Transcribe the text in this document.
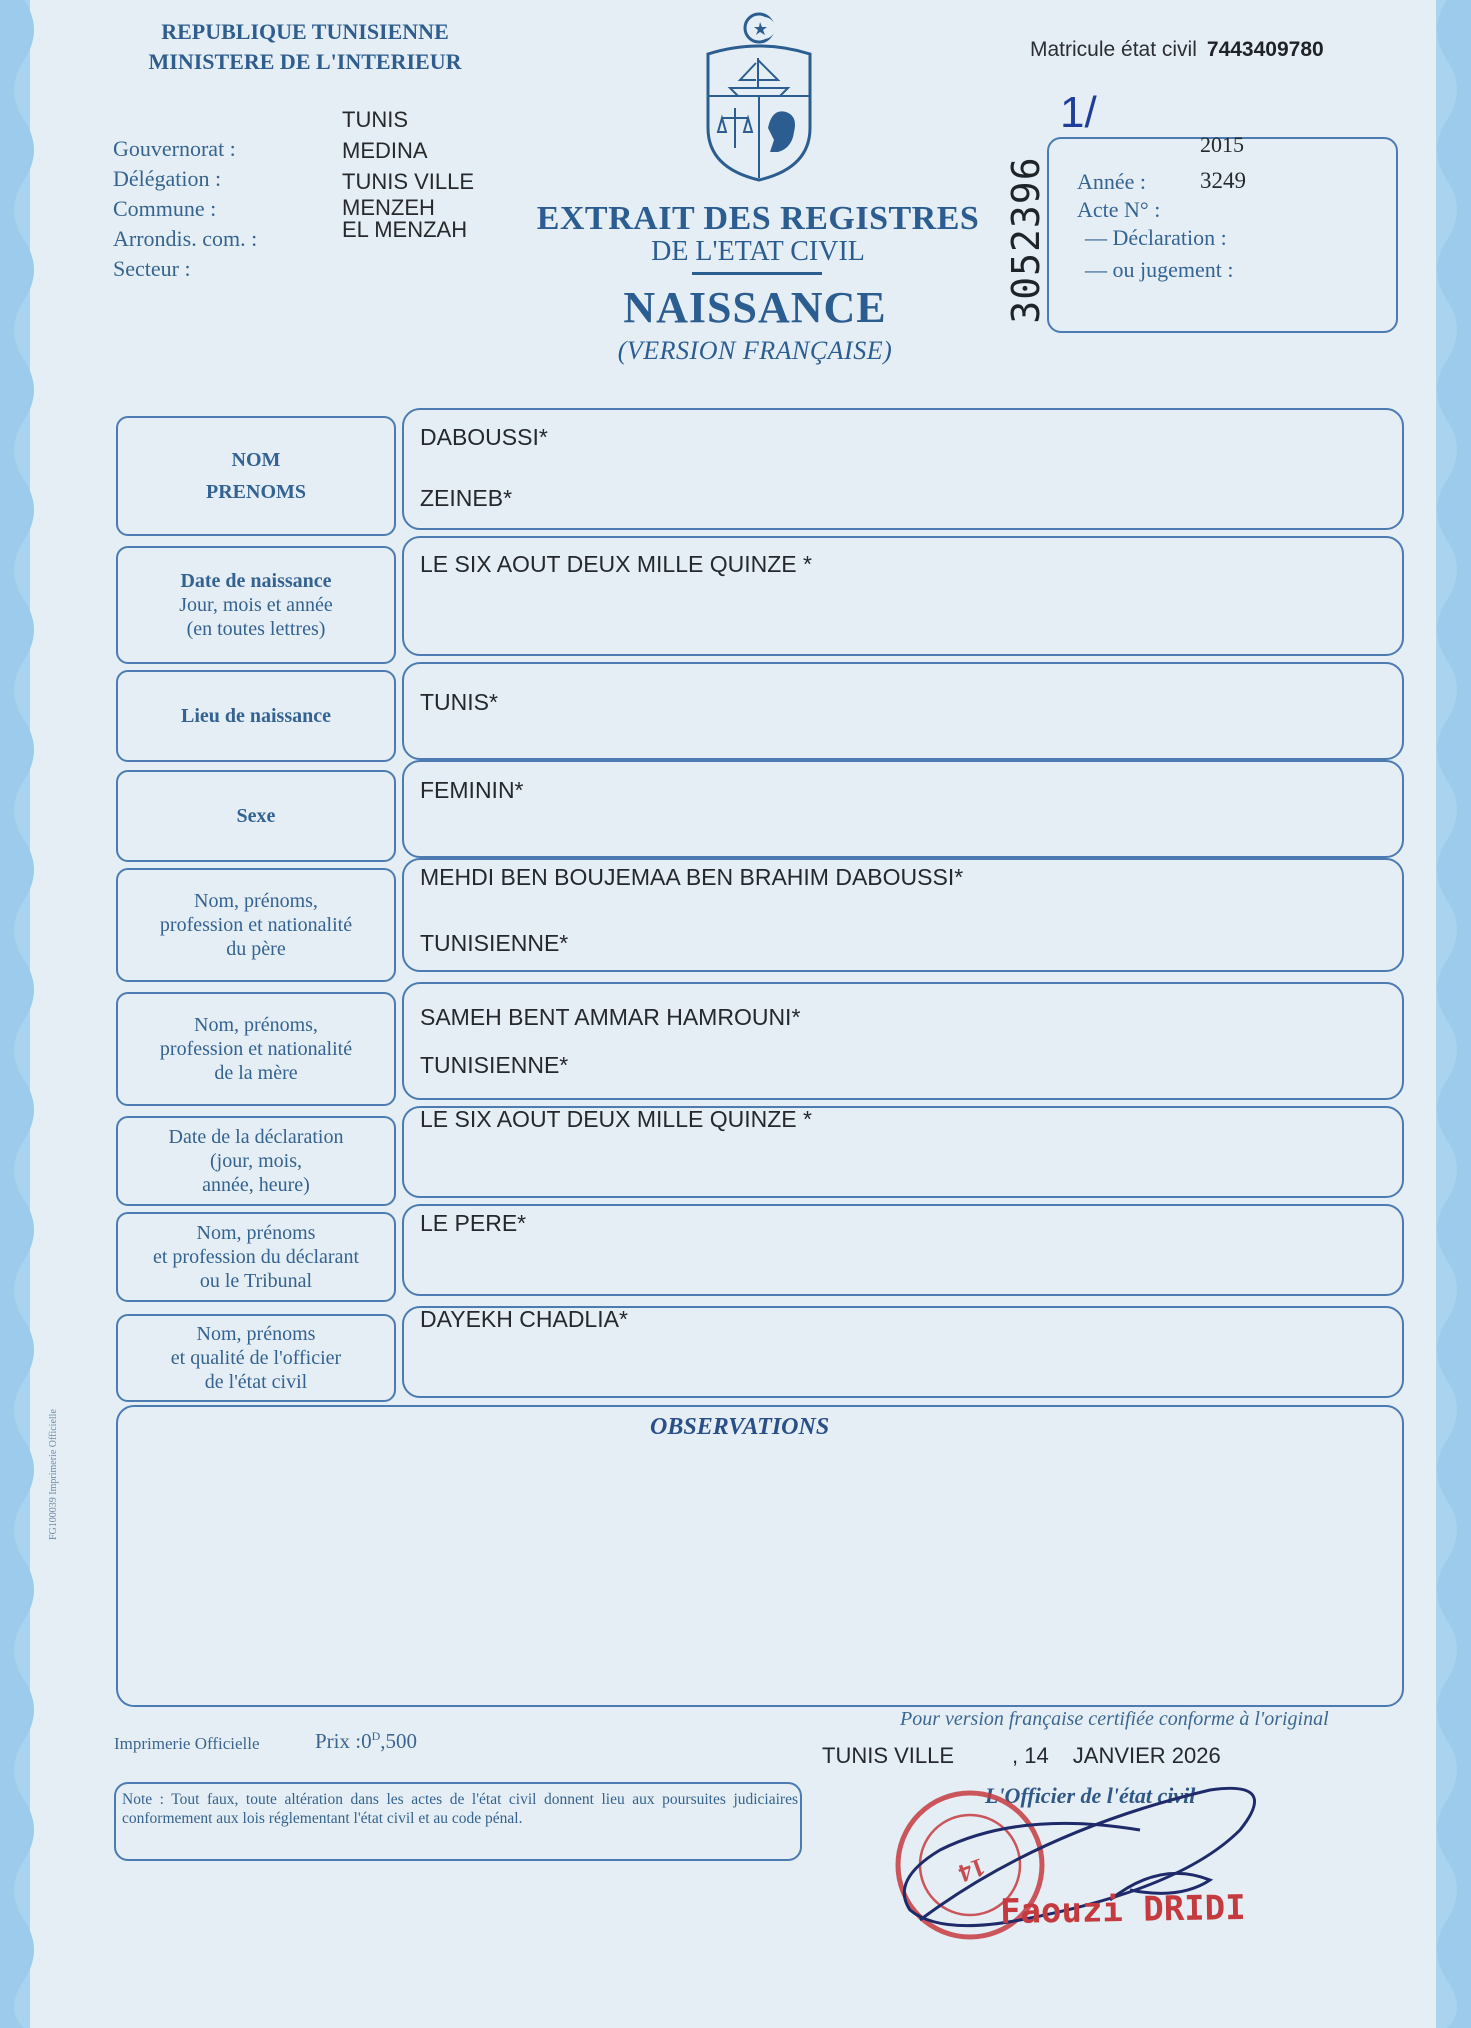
REPUBLIQUE TUNISIENNE
MINISTERE DE L'INTERIEUR
Gouvernorat :
Délégation :
Commune :
Arrondis. com. :
Secteur :
TUNIS
MEDINA
TUNIS VILLE
MENZEH
EL MENZAH
Matricule état civil 7443409780
EXTRAIT DES REGISTRES
DE L'ETAT CIVIL
NAISSANCE
(VERSION FRANÇAISE)
3052396
1/
Année :
Acte N° :
— Déclaration :
— ou jugement :
2015
3249
NOM
PRENOMS
DABOUSSI*
ZEINEB*
Date de naissance
Jour, mois et année
(en toutes lettres)
LE SIX AOUT DEUX MILLE QUINZE *
Lieu de naissance
TUNIS*
Sexe
FEMININ*
Nom, prénoms,
profession et nationalité
du père
MEHDI BEN BOUJEMAA BEN BRAHIM DABOUSSI*
TUNISIENNE*
Nom, prénoms,
profession et nationalité
de la mère
SAMEH BENT AMMAR HAMROUNI*
TUNISIENNE*
Date de la déclaration
(jour, mois,
année, heure)
LE SIX AOUT DEUX MILLE QUINZE *
Nom, prénoms
et profession du déclarant
ou le Tribunal
LE PERE*
Nom, prénoms
et qualité de l'officier
de l'état civil
DAYEKH CHADLIA*
OBSERVATIONS
FG100039 Imprimerie Officielle
Imprimerie Officielle	Prix $:0^D,500$
Pour version française certifiée conforme à l'original
TUNIS VILLE	, 14 JANVIER 2026
L'Officier de l'état civil
Note : Tout faux, toute altération dans les actes de l'état civil donnent lieu aux poursuites judiciaires conformement aux lois réglementant l'état civil et au code pénal.
14
Faouzi DRIDI
